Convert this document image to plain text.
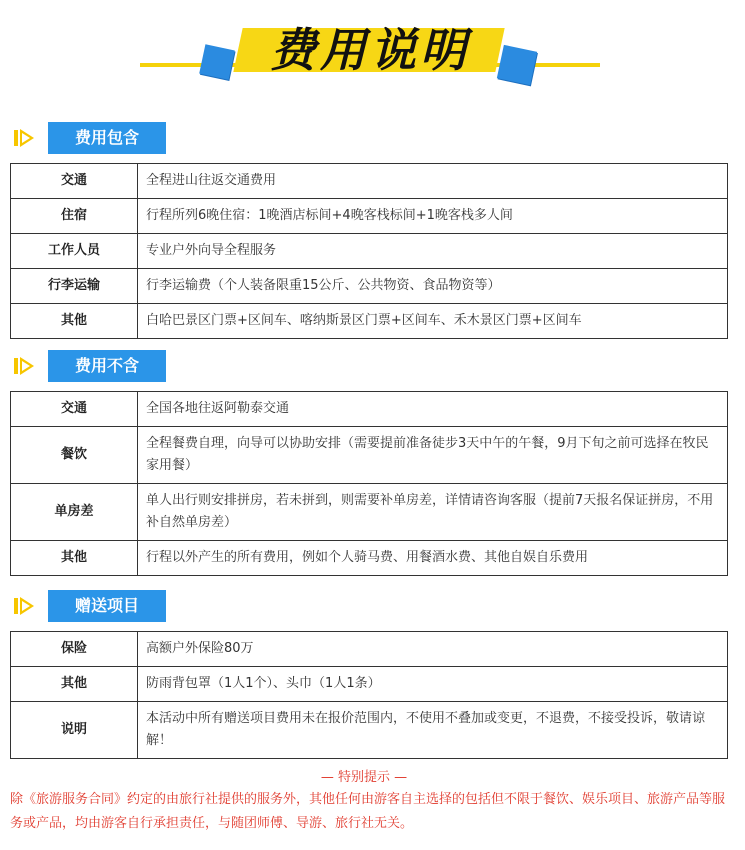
费用说明
费用包含
交通	全程进山往返交通费用
住宿	行程所列6晚住宿：1晚酒店标间+4晚客栈标间+1晚客栈多人间
工作人员	专业户外向导全程服务
行李运输	行李运输费（个人装备限重15公斤、公共物资、食品物资等）
其他	白哈巴景区门票+区间车、喀纳斯景区门票+区间车、禾木景区门票+区间车
费用不含
交通	全国各地往返阿勒泰交通
餐饮	全程餐费自理，向导可以协助安排（需要提前准备徒步3天中午的午餐，9月下旬之前可选择在牧民家用餐）
单房差	单人出行则安排拼房，若未拼到，则需要补单房差，详情请咨询客服（提前7天报名保证拼房，不用补自然单房差）
其他	行程以外产生的所有费用，例如个人骑马费、用餐酒水费、其他自娱自乐费用
赠送项目
保险	高额户外保险80万
其他	防雨背包罩（1人1个）、头巾（1人1条）
说明	本活动中所有赠送项目费用未在报价范围内，不使用不叠加或变更，不退费，不接受投诉，敬请谅解！
— 特别提示 —
除《旅游服务合同》约定的由旅行社提供的服务外，其他任何由游客自主选择的包括但不限于餐饮、娱乐项目、旅游产品等服务或产品，均由游客自行承担责任，与随团师傅、导游、旅行社无关。
